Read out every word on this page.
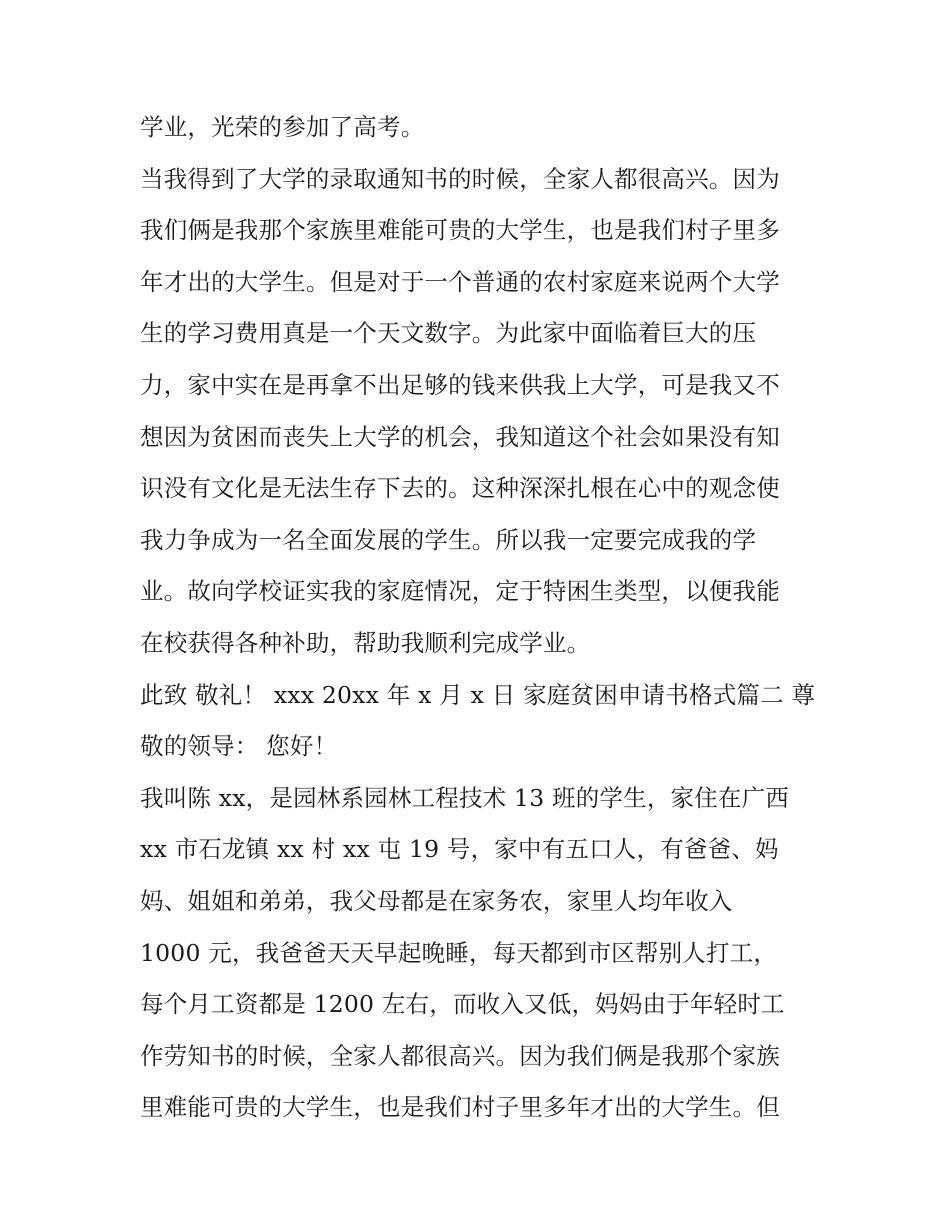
学业，光荣的参加了高考。
当我得到了大学的录取通知书的时候，全家人都很高兴。因为
我们俩是我那个家族里难能可贵的大学生，也是我们村子里多
年才出的大学生。但是对于一个普通的农村家庭来说两个大学
生的学习费用真是一个天文数字。为此家中面临着巨大的压
力，家中实在是再拿不出足够的钱来供我上大学，可是我又不
想因为贫困而丧失上大学的机会，我知道这个社会如果没有知
识没有文化是无法生存下去的。这种深深扎根在心中的观念使
我力争成为一名全面发展的学生。所以我一定要完成我的学
业。故向学校证实我的家庭情况，定于特困生类型，以便我能
在校获得各种补助，帮助我顺利完成学业。
此致 敬礼！ xxx 20xx 年 x 月 x 日 家庭贫困申请书格式篇二 尊
敬的领导： 您好！
我叫陈 xx，是园林系园林工程技术 13 班的学生，家住在广西
xx 市石龙镇 xx 村 xx 屯 19 号，家中有五口人，有爸爸、妈
妈、姐姐和弟弟，我父母都是在家务农，家里人均年收入
1000 元，我爸爸天天早起晚睡，每天都到市区帮别人打工，
每个月工资都是 1200 左右，而收入又低，妈妈由于年轻时工
作劳知书的时候，全家人都很高兴。因为我们俩是我那个家族
里难能可贵的大学生，也是我们村子里多年才出的大学生。但
